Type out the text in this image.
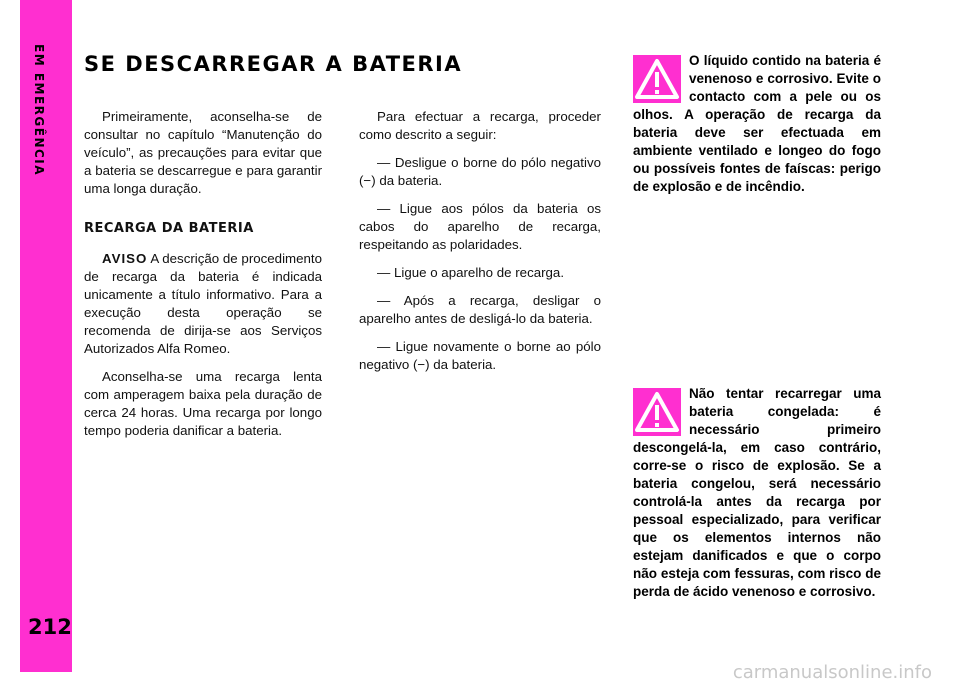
EM EMERGÊNCIA
212
SE DESCARREGAR A BATERIA

Primeiramente, aconselha-se de consultar no capítulo “Manutenção do veículo”, as precauções para evitar que a bateria se descarregue e para garantir uma longa duração.

RECARGA DA BATERIA

AVISO A descrição de procedimento de recarga da bateria é indicada unicamente a título informativo. Para a execução desta operação se recomenda de dirija-se aos Serviços Autorizados Alfa Romeo.

Aconselha-se uma recarga lenta com amperagem baixa pela duração de cerca 24 horas. Uma recarga por longo tempo poderia danificar a bateria.

Para efectuar a recarga, proceder como descrito a seguir:

— Desligue o borne do pólo negativo (−) da bateria.

— Ligue aos pólos da bateria os cabos do aparelho de recarga, respeitando as polaridades.

— Ligue o aparelho de recarga.

— Após a recarga, desligar o aparelho antes de desligá-lo da bateria.

— Ligue novamente o borne ao pólo negativo (−) da bateria.

O líquido contido na bateria é venenoso e corrosivo. Evite o contacto com a pele ou os olhos. A operação de recarga da bateria deve ser efectuada em ambiente ventilado e longeo do fogo ou possíveis fontes de faíscas: perigo de explosão e de incêndio.
Não tentar recarregar uma bateria congelada: é necessário primeiro descongelá-la, em caso contrário, corre-se o risco de explosão. Se a bateria congelou, será necessário controlá-la antes da recarga por pessoal especializado, para verificar que os elementos internos não estejam danificados e que o corpo não esteja com fessuras, com risco de perda de ácido venenoso e corrosivo.
carmanualsonline.info
